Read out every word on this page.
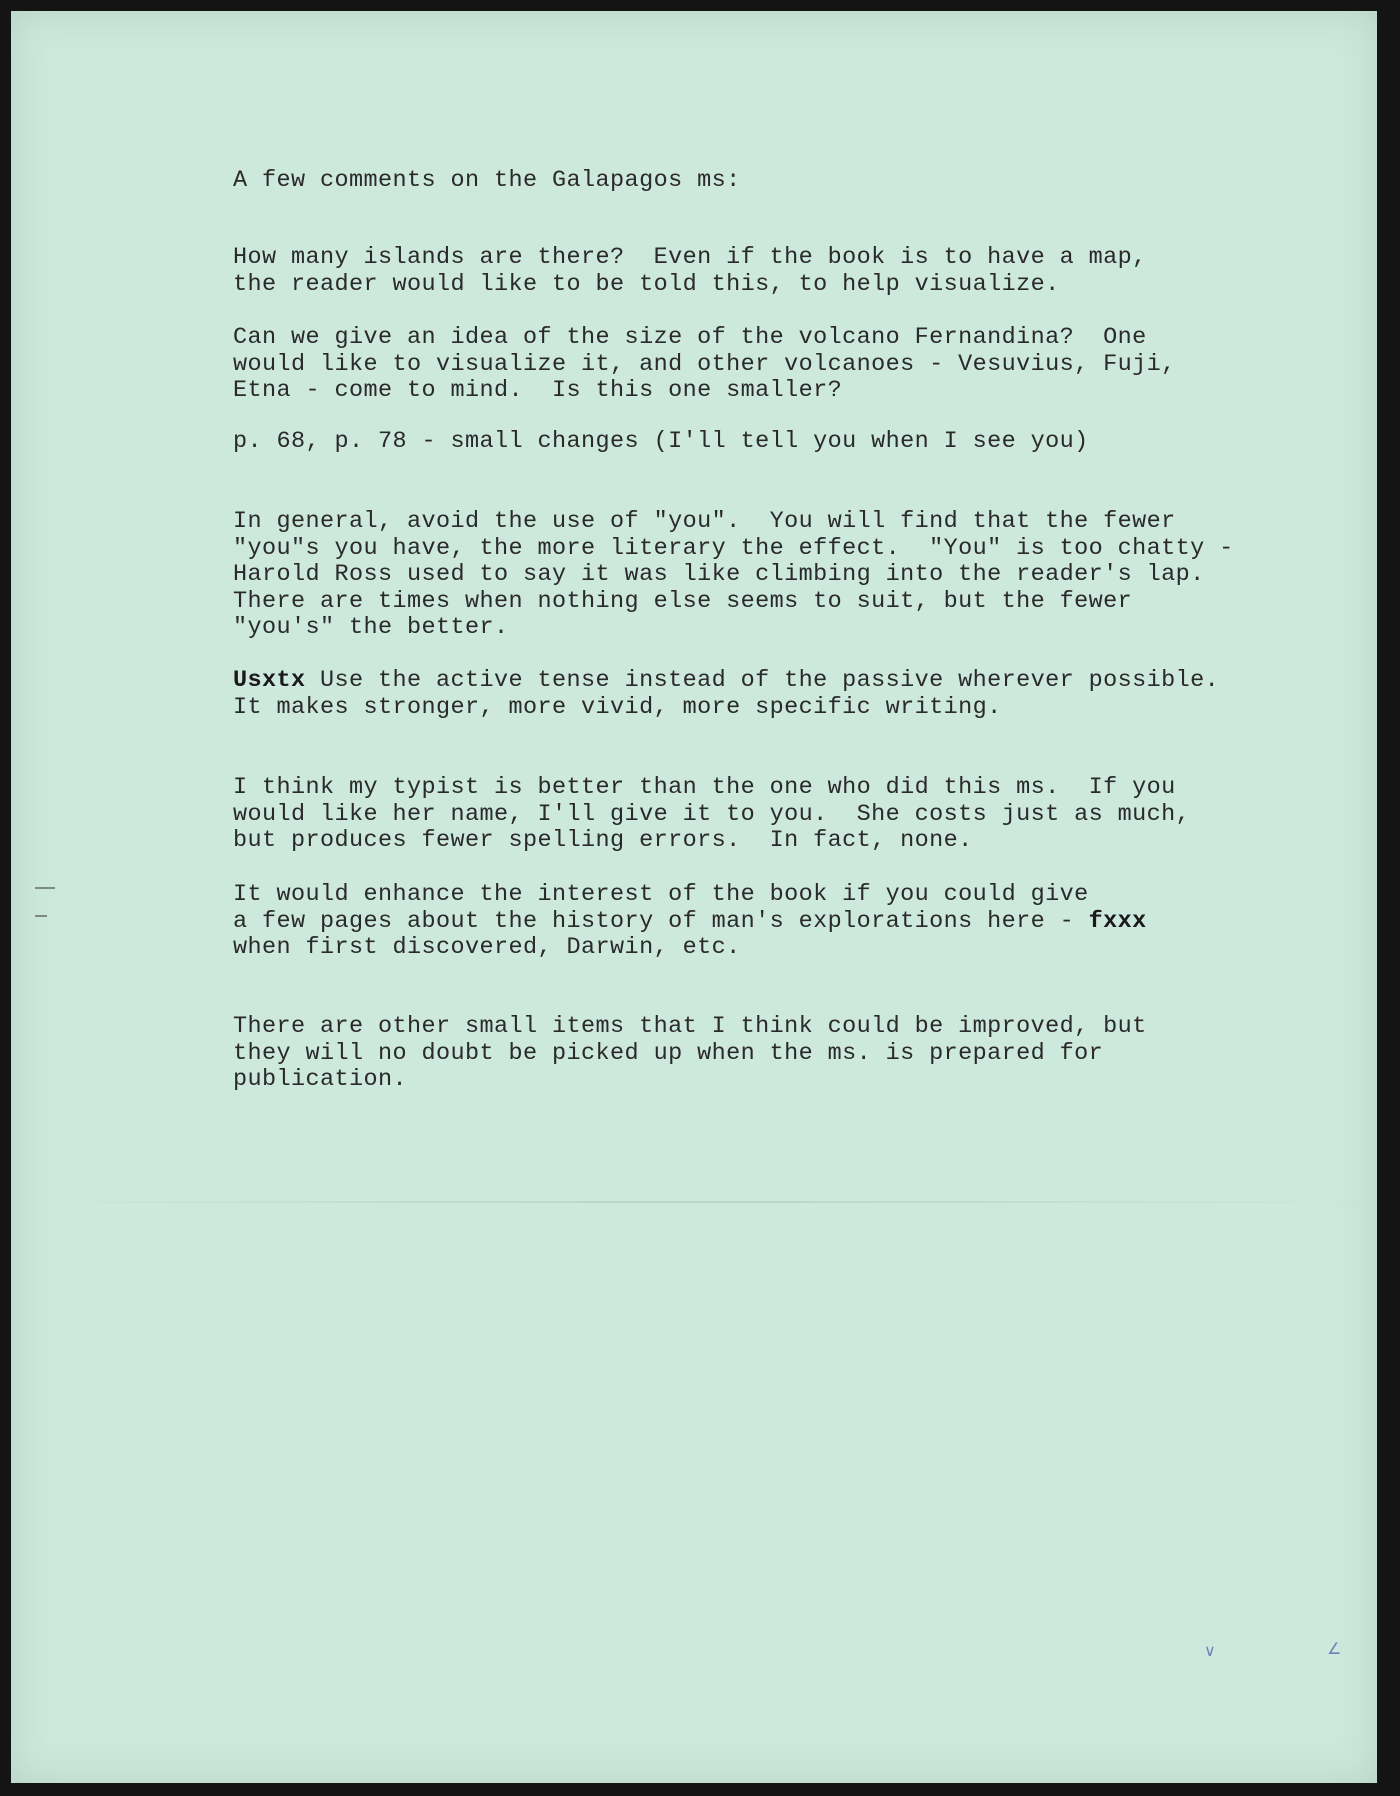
A few comments on the Galapagos ms:

How many islands are there?  Even if the book is to have a map,
the reader would like to be told this, to help visualize.

Can we give an idea of the size of the volcano Fernandina?  One
would like to visualize it, and other volcanoes - Vesuvius, Fuji,
Etna - come to mind.  Is this one smaller?

p. 68, p. 78 - small changes (I'll tell you when I see you)

In general, avoid the use of "you".  You will find that the fewer
"you"s you have, the more literary the effect.  "You" is too chatty -
Harold Ross used to say it was like climbing into the reader's lap.
There are times when nothing else seems to suit, but the fewer
"you's" the better.

Usxtx Use the active tense instead of the passive wherever possible.
It makes stronger, more vivid, more specific writing.

I think my typist is better than the one who did this ms.  If you
would like her name, I'll give it to you.  She costs just as much,
but produces fewer spelling errors.  In fact, none.

It would enhance the interest of the book if you could give
a few pages about the history of man's explorations here - fxxx
when first discovered, Darwin, etc.

There are other small items that I think could be improved, but
they will no doubt be picked up when the ms. is prepared for
publication.

∨	∠
